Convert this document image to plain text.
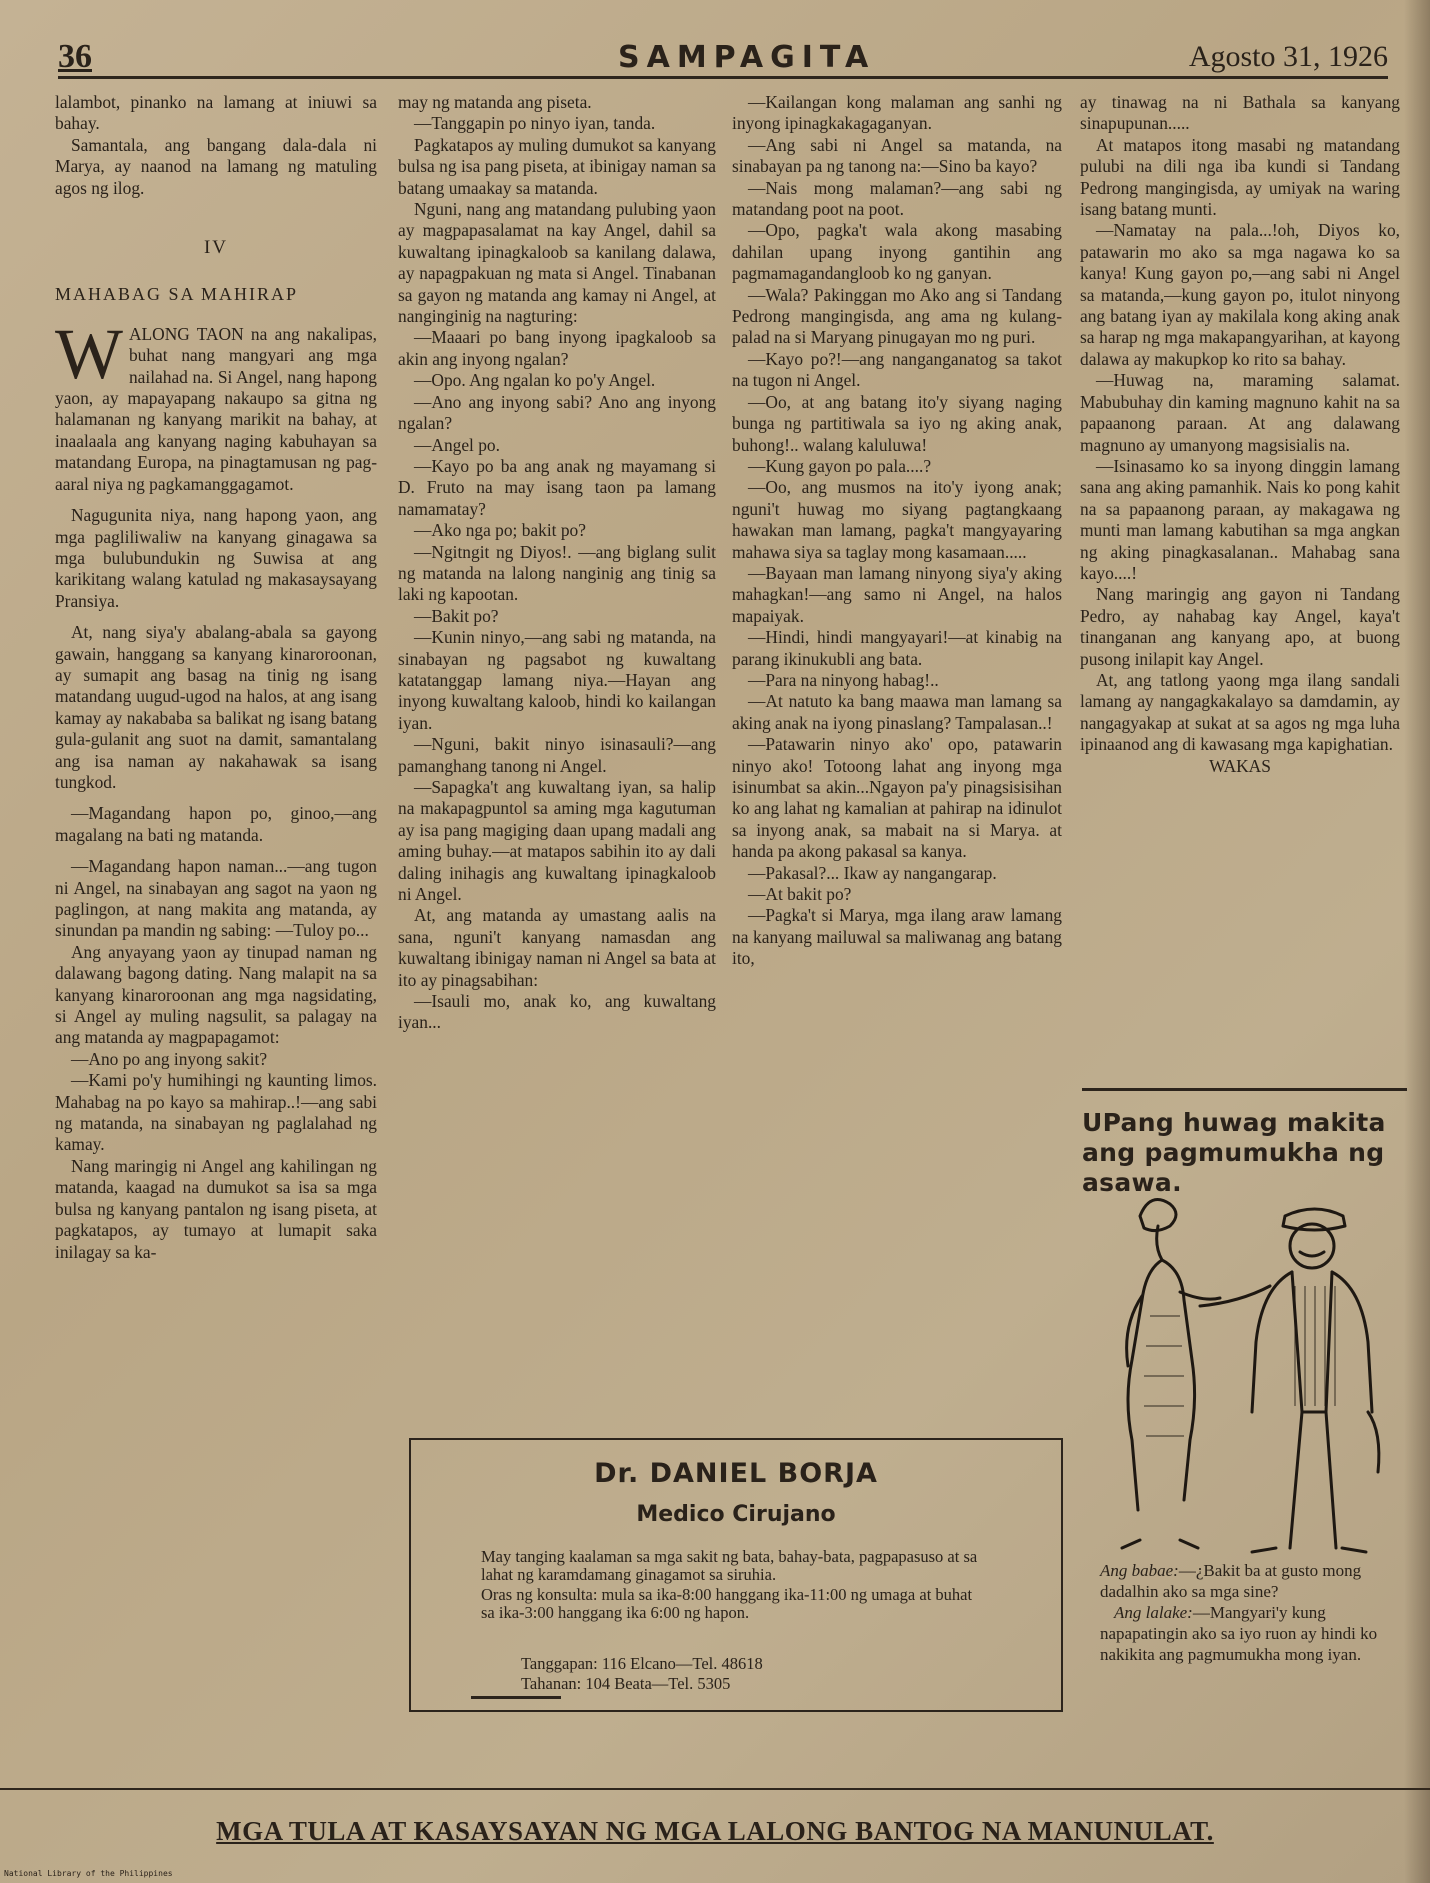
36	SAMPAGITA	Agosto 31, 1926

lalambot, pinanko na lamang at iniuwi sa bahay.

Samantala, ang bangang dala-dala ni Marya, ay naanod na lamang ng matuling agos ng ilog.

IV
MAHABAG SA MAHIRAP

WALONG TAON na ang nakalipas, buhat nang mangyari ang mga nailahad na. Si Angel, nang hapong yaon, ay mapayapang nakaupo sa gitna ng halamanan ng kanyang marikit na bahay, at inaalaala ang kanyang naging kabuhayan sa matandang Europa, na pinagtamusan ng pag-aaral niya ng pagkamanggagamot.

Nagugunita niya, nang hapong yaon, ang mga pagliliwaliw na kanyang ginagawa sa mga bulubundukin ng Suwisa at ang karikitang walang katulad ng makasaysayang Pransiya.

At, nang siya'y abalang-abala sa gayong gawain, hanggang sa kanyang kinaroroonan, ay sumapit ang basag na tinig ng isang matandang uugud-ugod na halos, at ang isang kamay ay nakababa sa balikat ng isang batang gula-gulanit ang suot na damit, samantalang ang isa naman ay nakahawak sa isang tungkod.

—Magandang hapon po, ginoo,—ang magalang na bati ng matanda.

—Magandang hapon naman...—ang tugon ni Angel, na sinabayan ang sagot na yaon ng paglingon, at nang makita ang matanda, ay sinundan pa mandin ng sabing: —Tuloy po...

Ang anyayang yaon ay tinupad naman ng dalawang bagong dating. Nang malapit na sa kanyang kinaroroonan ang mga nagsidating, si Angel ay muling nagsulit, sa palagay na ang matanda ay magpapagamot:

—Ano po ang inyong sakit?

—Kami po'y humihingi ng kaunting limos. Mahabag na po kayo sa mahirap..!—ang sabi ng matanda, na sinabayan ng paglalahad ng kamay.

Nang maringig ni Angel ang kahilingan ng matanda, kaagad na dumukot sa isa sa mga bulsa ng kanyang pantalon ng isang piseta, at pagkatapos, ay tumayo at lumapit saka inilagay sa ka-

may ng matanda ang piseta.

—Tanggapin po ninyo iyan, tanda.

Pagkatapos ay muling dumukot sa kanyang bulsa ng isa pang piseta, at ibinigay naman sa batang umaakay sa matanda.

Nguni, nang ang matandang pulubing yaon ay magpapasalamat na kay Angel, dahil sa kuwaltang ipinagkaloob sa kanilang dalawa, ay napagpakuan ng mata si Angel. Tinabanan sa gayon ng matanda ang kamay ni Angel, at nanginginig na nagturing:

—Maaari po bang inyong ipagkaloob sa akin ang inyong ngalan?

—Opo. Ang ngalan ko po'y Angel.

—Ano ang inyong sabi? Ano ang inyong ngalan?

—Angel po.

—Kayo po ba ang anak ng mayamang si D. Fruto na may isang taon pa lamang namamatay?

—Ako nga po; bakit po?

—Ngitngit ng Diyos!. —ang biglang sulit ng matanda na lalong nanginig ang tinig sa laki ng kapootan.

—Bakit po?

—Kunin ninyo,—ang sabi ng matanda, na sinabayan ng pagsabot ng kuwaltang katatanggap lamang niya.—Hayan ang inyong kuwaltang kaloob, hindi ko kailangan iyan.

—Nguni, bakit ninyo isinasauli?—ang pamanghang tanong ni Angel.

—Sapagka't ang kuwaltang iyan, sa halip na makapagpuntol sa aming mga kagutuman ay isa pang magiging daan upang madali ang aming buhay.—at matapos sabihin ito ay dali daling inihagis ang kuwaltang ipinagkaloob ni Angel.

At, ang matanda ay umastang aalis na sana, nguni't kanyang namasdan ang kuwaltang ibinigay naman ni Angel sa bata at ito ay pinagsabihan:

—Isauli mo, anak ko, ang kuwaltang iyan...

—Kailangan kong malaman ang sanhi ng inyong ipinagkakagaganyan.

—Ang sabi ni Angel sa matanda, na sinabayan pa ng tanong na:—Sino ba kayo?

—Nais mong malaman?—ang sabi ng matandang poot na poot.

—Opo, pagka't wala akong masabing dahilan upang inyong gantihin ang pagmamagandangloob ko ng ganyan.

—Wala? Pakinggan mo Ako ang si Tandang Pedrong mangingisda, ang ama ng kulang-palad na si Maryang pinugayan mo ng puri.

—Kayo po?!—ang nanganganatog sa takot na tugon ni Angel.

—Oo, at ang batang ito'y siyang naging bunga ng partitiwala sa iyo ng aking anak, buhong!.. walang kaluluwa!

—Kung gayon po pala....?

—Oo, ang musmos na ito'y iyong anak; nguni't huwag mo siyang pagtangkaang hawakan man lamang, pagka't mangyayaring mahawa siya sa taglay mong kasamaan.....

—Bayaan man lamang ninyong siya'y aking mahagkan!—ang samo ni Angel, na halos mapaiyak.

—Hindi, hindi mangyayari!—at kinabig na parang ikinukubli ang bata.

—Para na ninyong habag!..

—At natuto ka bang maawa man lamang sa aking anak na iyong pinaslang? Tampalasan..!

—Patawarin ninyo ako' opo, patawarin ninyo ako! Totoong lahat ang inyong mga isinumbat sa akin...Ngayon pa'y pinagsisisihan ko ang lahat ng kamalian at pahirap na idinulot sa inyong anak, sa mabait na si Marya. at handa pa akong pakasal sa kanya.

—Pakasal?... Ikaw ay nangangarap.

—At bakit po?

—Pagka't si Marya, mga ilang araw lamang na kanyang mailuwal sa maliwanag ang batang ito,

ay tinawag na ni Bathala sa kanyang sinapupunan.....

At matapos itong masabi ng matandang pulubi na dili nga iba kundi si Tandang Pedrong mangingisda, ay umiyak na waring isang batang munti.

—Namatay na pala...!oh, Diyos ko, patawarin mo ako sa mga nagawa ko sa kanya! Kung gayon po,—ang sabi ni Angel sa matanda,—kung gayon po, itulot ninyong ang batang iyan ay makilala kong aking anak sa harap ng mga makapangyarihan, at kayong dalawa ay makupkop ko rito sa bahay.

—Huwag na, maraming salamat. Mabubuhay din kaming magnuno kahit na sa papaanong paraan. At ang dalawang magnuno ay umanyong magsisialis na.

—Isinasamo ko sa inyong dinggin lamang sana ang aking pamanhik. Nais ko pong kahit na sa papaanong paraan, ay makagawa ng munti man lamang kabutihan sa mga angkan ng aking pinagkasalanan.. Mahabag sana kayo....!

Nang maringig ang gayon ni Tandang Pedro, ay nahabag kay Angel, kaya't tinanganan ang kanyang apo, at buong pusong inilapit kay Angel.

At, ang tatlong yaong mga ilang sandali lamang ay nangagkakalayo sa damdamin, ay nangagyakap at sukat at sa agos ng mga luha ipinaanod ang di kawasang mga kapighatian.

WAKAS

Dr. DANIEL BORJA
Medico Cirujano

May tanging kaalaman sa mga sakit ng bata, bahay-bata, pagpapasuso at sa lahat ng karamdamang ginagamot sa siruhia.

Oras ng konsulta: mula sa ika-8:00 hanggang ika-11:00 ng umaga at buhat sa ika-3:00 hanggang ika 6:00 ng hapon.

Tanggapan: 116 Elcano—Tel. 48618
Tahanan: 104 Beata—Tel. 5305
UPang huwag makita ang pagmumukha ng asawa.

Ang babae:—¿Bakit ba at gusto mong dadalhin ako sa mga sine?

Ang lalake:—Mangyari'y kung napapatingin ako sa iyo ruon ay hindi ko nakikita ang pagmumukha mong iyan.

MGA TULA AT KASAYSAYAN NG MGA LALONG BANTOG NA MANUNULAT.
National Library of the Philippines
